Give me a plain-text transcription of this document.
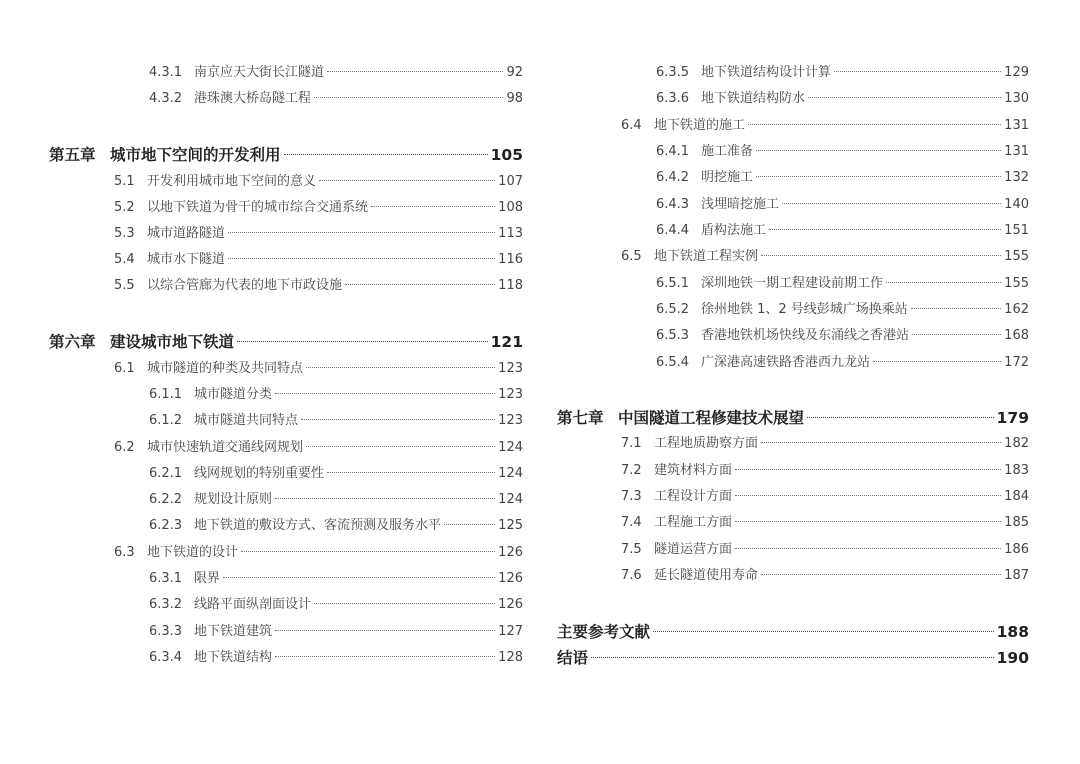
4.3.1 南京应天大街长江隧道	92
4.3.2 港珠澳大桥岛隧工程	98
第五章 城市地下空间的开发利用	105
5.1 开发利用城市地下空间的意义	107
5.2 以地下铁道为骨干的城市综合交通系统	108
5.3 城市道路隧道	113
5.4 城市水下隧道	116
5.5 以综合管廊为代表的地下市政设施	118
第六章 建设城市地下铁道	121
6.1 城市隧道的种类及共同特点	123
6.1.1 城市隧道分类	123
6.1.2 城市隧道共同特点	123
6.2 城市快速轨道交通线网规划	124
6.2.1 线网规划的特别重要性	124
6.2.2 规划设计原则	124
6.2.3 地下铁道的敷设方式、客流预测及服务水平	125
6.3 地下铁道的设计	126
6.3.1 限界	126
6.3.2 线路平面纵剖面设计	126
6.3.3 地下铁道建筑	127
6.3.4 地下铁道结构	128
6.3.5 地下铁道结构设计计算	129
6.3.6 地下铁道结构防水	130
6.4 地下铁道的施工	131
6.4.1 施工准备	131
6.4.2 明挖施工	132
6.4.3 浅埋暗挖施工	140
6.4.4 盾构法施工	151
6.5 地下铁道工程实例	155
6.5.1 深圳地铁一期工程建设前期工作	155
6.5.2 徐州地铁 1、2 号线彭城广场换乘站	162
6.5.3 香港地铁机场快线及东涌线之香港站	168
6.5.4 广深港高速铁路香港西九龙站	172
第七章 中国隧道工程修建技术展望	179
7.1 工程地质勘察方面	182
7.2 建筑材料方面	183
7.3 工程设计方面	184
7.4 工程施工方面	185
7.5 隧道运营方面	186
7.6 延长隧道使用寿命	187
主要参考文献	188
结语	190
